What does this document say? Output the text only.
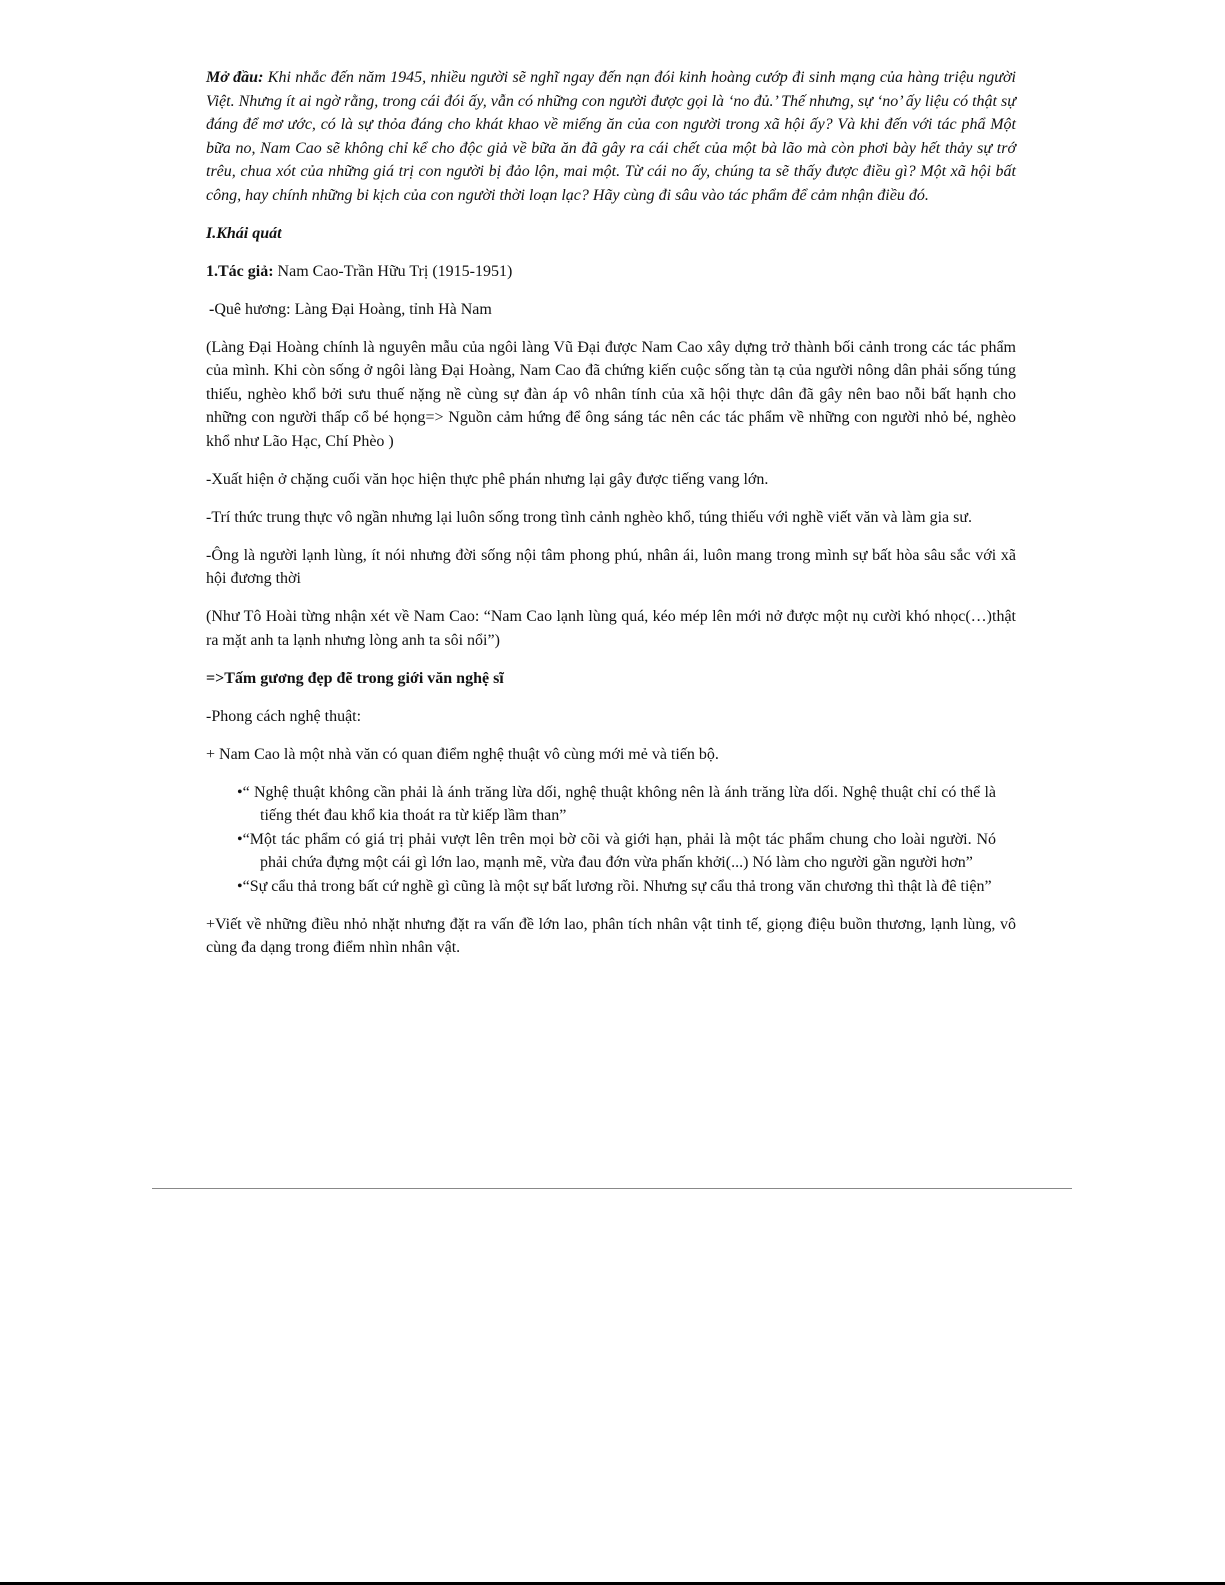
Mở đầu: Khi nhắc đến năm 1945, nhiều người sẽ nghĩ ngay đến nạn đói kinh hoàng cướp đi sinh mạng của hàng triệu người Việt. Nhưng ít ai ngờ rằng, trong cái đói ấy, vẫn có những con người được gọi là ‘no đủ.’ Thế nhưng, sự ‘no’ ấy liệu có thật sự đáng để mơ ước, có là sự thỏa đáng cho khát khao về miếng ăn của con người trong xã hội ấy? Và khi đến với tác phẩ Một bữa no, Nam Cao sẽ không chỉ kể cho độc giả về bữa ăn đã gây ra cái chết của một bà lão mà còn phơi bày hết thảy sự trớ trêu, chua xót của những giá trị con người bị đảo lộn, mai một. Từ cái no ấy, chúng ta sẽ thấy được điều gì? Một xã hội bất công, hay chính những bi kịch của con người thời loạn lạc? Hãy cùng đi sâu vào tác phẩm để cảm nhận điều đó.

I.Khái quát

1.Tác giả: Nam Cao-Trần Hữu Trị (1915-1951)

-Quê hương: Làng Đại Hoàng, tỉnh Hà Nam

(Làng Đại Hoàng chính là nguyên mẫu của ngôi làng Vũ Đại được Nam Cao xây dựng trở thành bối cảnh trong các tác phẩm của mình. Khi còn sống ở ngôi làng Đại Hoàng, Nam Cao đã chứng kiến cuộc sống tàn tạ của người nông dân phải sống túng thiếu, nghèo khổ bởi sưu thuế nặng nề cùng sự đàn áp vô nhân tính của xã hội thực dân đã gây nên bao nỗi bất hạnh cho những con người thấp cổ bé họng=> Nguồn cảm hứng để ông sáng tác nên các tác phẩm về những con người nhỏ bé, nghèo khổ như Lão Hạc, Chí Phèo )

-Xuất hiện ở chặng cuối văn học hiện thực phê phán nhưng lại gây được tiếng vang lớn.

-Trí thức trung thực vô ngần nhưng lại luôn sống trong tình cảnh nghèo khổ, túng thiếu với nghề viết văn và làm gia sư.

-Ông là người lạnh lùng, ít nói nhưng đời sống nội tâm phong phú, nhân ái, luôn mang trong mình sự bất hòa sâu sắc với xã hội đương thời

(Như Tô Hoài từng nhận xét về Nam Cao: “Nam Cao lạnh lùng quá, kéo mép lên mới nở được một nụ cười khó nhọc(…)thật ra mặt anh ta lạnh nhưng lòng anh ta sôi nổi”)

=>Tấm gương đẹp đẽ trong giới văn nghệ sĩ

-Phong cách nghệ thuật:

+ Nam Cao là một nhà văn có quan điểm nghệ thuật vô cùng mới mẻ và tiến bộ.

•“ Nghệ thuật không cần phải là ánh trăng lừa dối, nghệ thuật không nên là ánh trăng lừa dối. Nghệ thuật chỉ có thể là tiếng thét đau khổ kia thoát ra từ kiếp lầm than”
•“Một tác phẩm có giá trị phải vượt lên trên mọi bờ cõi và giới hạn, phải là một tác phẩm chung cho loài người. Nó phải chứa đựng một cái gì lớn lao, mạnh mẽ, vừa đau đớn vừa phấn khởi(...) Nó làm cho người gần người hơn”
•“Sự cẩu thả trong bất cứ nghề gì cũng là một sự bất lương rồi. Nhưng sự cẩu thả trong văn chương thì thật là đê tiện”

+Viết về những điều nhỏ nhặt nhưng đặt ra vấn đề lớn lao, phân tích nhân vật tinh tế, giọng điệu buồn thương, lạnh lùng, vô cùng đa dạng trong điểm nhìn nhân vật.
